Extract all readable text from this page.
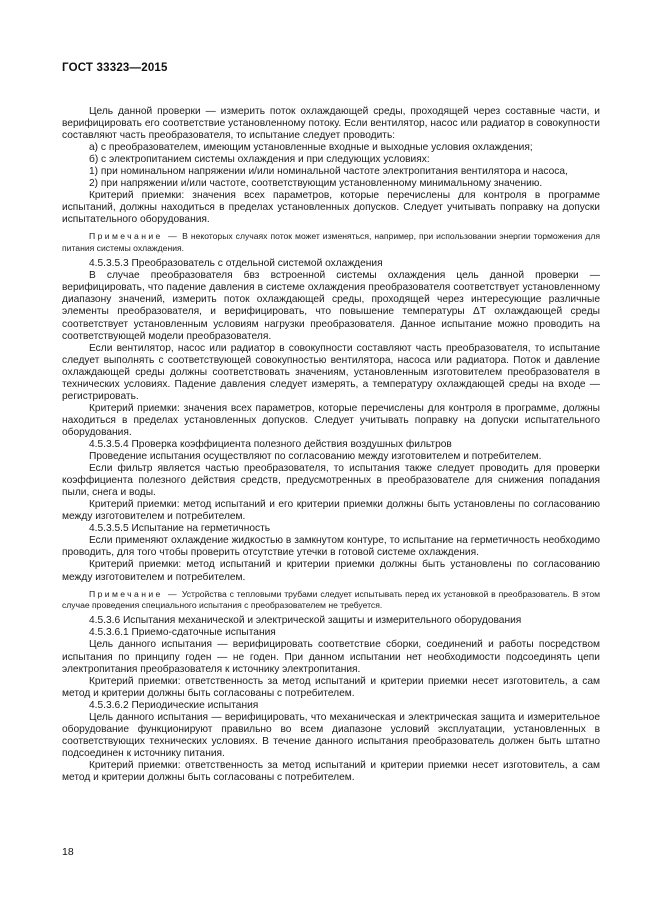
ГОСТ 33323—2015

Цель данной проверки — измерить поток охлаждающей среды, проходящей через составные части, и верифицировать его соответствие установленному потоку. Если вентилятор, насос или радиатор в совокупности составляют часть преобразователя, то испытание следует проводить:

а) с преобразователем, имеющим установленные входные и выходные условия охлаждения;

б) с электропитанием системы охлаждения и при следующих условиях:

1) при номинальном напряжении и/или номинальной частоте электропитания вентилятора и насоса,

2) при напряжении и/или частоте, соответствующим установленному минимальному значению.

Критерий приемки: значения всех параметров, которые перечислены для контроля в программе испытаний, должны находиться в пределах установленных допусков. Следует учитывать поправку на допуски испытательного оборудования.

Примечание — В некоторых случаях поток может изменяться, например, при использовании энергии торможения для питания системы охлаждения.

4.5.3.5.3 Преобразователь с отдельной системой охлаждения

В случае преобразователя бвз встроенной системы охлаждения цель данной проверки — верифицировать, что падение давления в системе охлаждения преобразователя соответствует установленному диапазону значений, измерить поток охлаждающей среды, проходящей через интересующие различные элементы преобразователя, и верифицировать, что повышение температуры ΔT охлаждающей среды соответствует установленным условиям нагрузки преобразователя. Данное испытание можно проводить на соответствующей модели преобразователя.

Если вентилятор, насос или радиатор в совокупности составляют часть преобразователя, то испытание следует выполнять с соответствующей совокупностью вентилятора, насоса или радиатора. Поток и давление охлаждающей среды должны соответствовать значениям, установленным изготовителем преобразователя в технических условиях. Падение давления следует измерять, а температуру охлаждающей среды на входе — регистрировать.

Критерий приемки: значения всех параметров, которые перечислены для контроля в программе, должны находиться в пределах установленных допусков. Следует учитывать поправку на допуски испытательного оборудования.

4.5.3.5.4 Проверка коэффициента полезного действия воздушных фильтров

Проведение испытания осуществляют по согласованию между изготовителем и потребителем.

Если фильтр является частью преобразователя, то испытания также следует проводить для проверки коэффициента полезного действия средств, предусмотренных в преобразователе для снижения попадания пыли, снега и воды.

Критерий приемки: метод испытаний и его критерии приемки должны быть установлены по согласованию между изготовителем и потребителем.

4.5.3.5.5 Испытание на герметичность

Если применяют охлаждение жидкостью в замкнутом контуре, то испытание на герметичность необходимо проводить, для того чтобы проверить отсутствие утечки в готовой системе охлаждения.

Критерий приемки: метод испытаний и критерии приемки должны быть установлены по согласованию между изготовителем и потребителем.

Примечание — Устройства с тепловыми трубами следует испытывать перед их установкой в преобразователь. В этом случае проведения специального испытания с преобразователем не требуется.

4.5.3.6 Испытания механической и электрической защиты и измерительного оборудования

4.5.3.6.1 Приемо-сдаточные испытания

Цель данного испытания — верифицировать соответствие сборки, соединений и работы посредством испытания по принципу годен — не годен. При данном испытании нет необходимости подсоединять цепи электропитания преобразователя к источнику электропитания.

Критерий приемки: ответственность за метод испытаний и критерии приемки несет изготовитель, а сам метод и критерии должны быть согласованы с потребителем.

4.5.3.6.2 Периодические испытания

Цель данного испытания — верифицировать, что механическая и электрическая защита и измерительное оборудование функционируют правильно во всем диапазоне условий эксплуатации, установленных в соответствующих технических условиях. В течение данного испытания преобразователь должен быть штатно подсоединен к источнику питания.

Критерий приемки: ответственность за метод испытаний и критерии приемки несет изготовитель, а сам метод и критерии должны быть согласованы с потребителем.

18
